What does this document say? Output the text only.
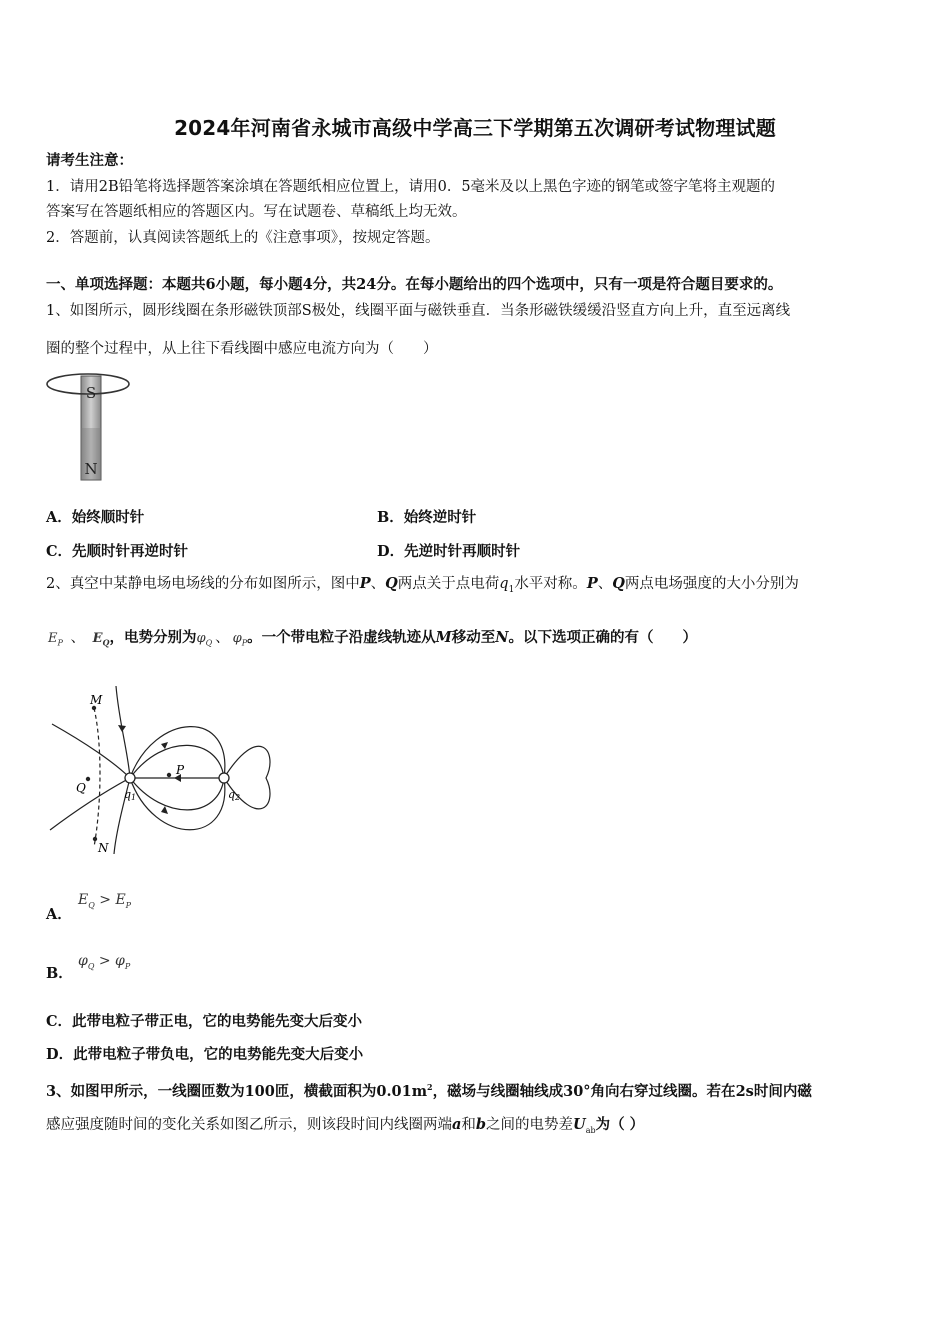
2024年河南省永城市高级中学高三下学期第五次调研考试物理试题
请考生注意：
1．请用2B铅笔将选择题答案涂填在答题纸相应位置上，请用0．5毫米及以上黑色字迹的钢笔或签字笔将主观题的
答案写在答题纸相应的答题区内。写在试题卷、草稿纸上均无效。
2．答题前，认真阅读答题纸上的《注意事项》，按规定答题。
一、单项选择题：本题共6小题，每小题4分，共24分。在每小题给出的四个选项中，只有一项是符合题目要求的。
1、如图所示，圆形线圈在条形磁铁顶部S极处，线圈平面与磁铁垂直．当条形磁铁缓缓沿竖直方向上升，直至远离线
圈的整个过程中，从上往下看线圈中感应电流方向为（　　）
S
N
A．始终顺时针	B．始终逆时针
C．先顺时针再逆时针	D．先逆时针再顺时针
2、真空中某静电场电场线的分布如图所示，图中P、Q两点关于点电荷$q_1$水平对称。P、Q两点电场强度的大小分别为
$E_P$ 、 $E_Q$，电势分别为$\varphi_Q$ 、 $\varphi_P$。一个带电粒子沿虚线轨迹从M移动至N。以下选项正确的有（　　）
M
P
Q
N
q1	q2
A．
$E_Q > E_P$
B．
$\varphi_Q > \varphi_P$
C．此带电粒子带正电，它的电势能先变大后变小
D．此带电粒子带负电，它的电势能先变大后变小
3、如图甲所示，一线圈匝数为100匝，横截面积为$0.01m^2$，磁场与线圈轴线成30°角向右穿过线圈。若在2s时间内磁
感应强度随时间的变化关系如图乙所示，则该段时间内线圈两端a和b之间的电势差$U_{ab}$为（ ）
